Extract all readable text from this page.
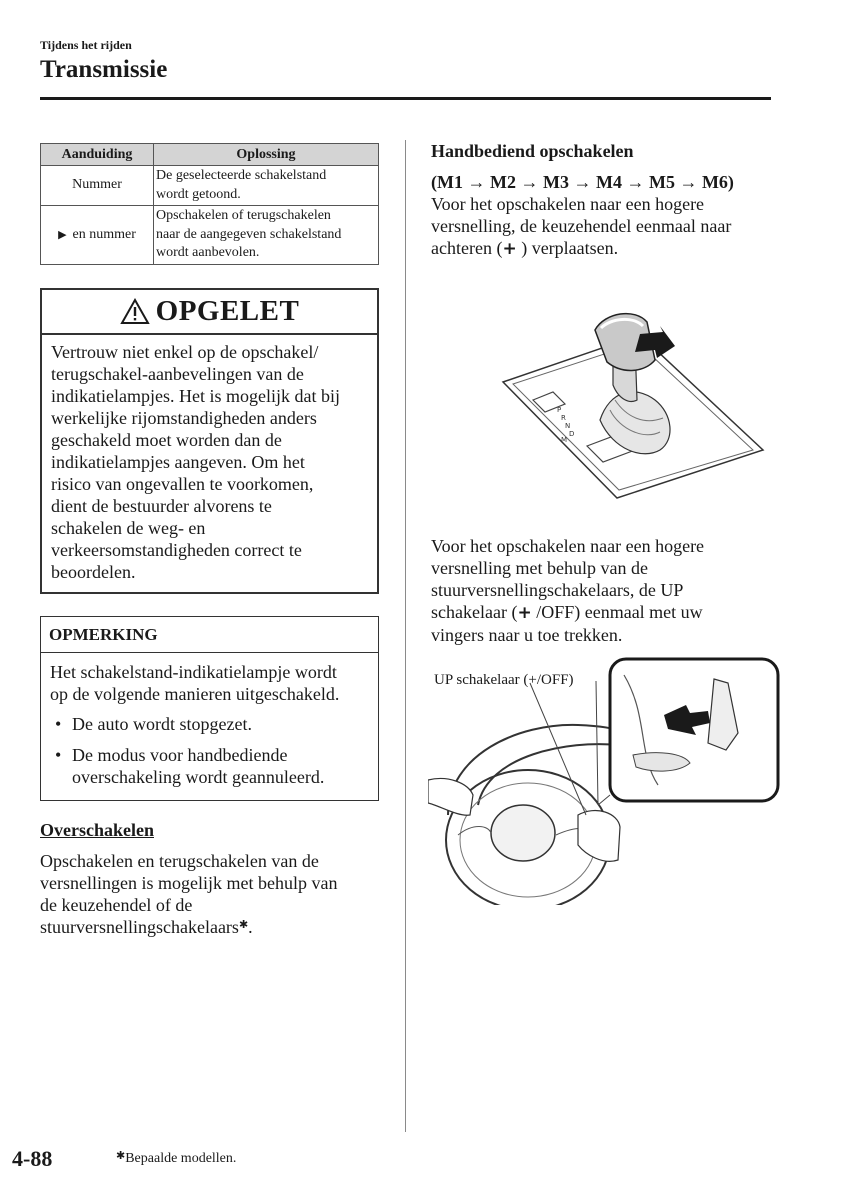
Tijdens het rijden
Transmissie
Aanduiding	Oplossing
Nummer	De geselecteerde schakelstand
wordt getoond.

▶ en nummer	Opschakelen of terugschakelen
naar de aangegeven schakelstand
wordt aanbevolen.
OPGELET
Vertrouw niet enkel op de opschakel/
terugschakel-aanbevelingen van de
indikatielampjes. Het is mogelijk dat bij
werkelijke rijomstandigheden anders
geschakeld moet worden dan de
indikatielampjes aangeven. Om het
risico van ongevallen te voorkomen,
dient de bestuurder alvorens te
schakelen de weg- en
verkeersomstandigheden correct te
beoordelen.
OPMERKING
Het schakelstand-indikatielampje wordt
op de volgende manieren uitgeschakeld.
• De auto wordt stopgezet.
• De modus voor handbediende
overschakeling wordt geannuleerd.
Overschakelen
Opschakelen en terugschakelen van de
versnellingen is mogelijk met behulp van
de keuzehendel of de
stuurversnellingschakelaars✱.
Handbediend opschakelen
(M1 → M2 → M3 → M4 → M5 → M6)
Voor het opschakelen naar een hogere
versnelling, de keuzehendel eenmaal naar
achteren (+ ) verplaatsen.
P
R
N
D
M
Voor het opschakelen naar een hogere
versnelling met behulp van de
stuurversnellingschakelaars, de UP
schakelaar (+ /OFF) eenmaal met uw
vingers naar u toe trekken.
UP schakelaar (+/OFF)
4-88	✱Bepaalde modellen.
